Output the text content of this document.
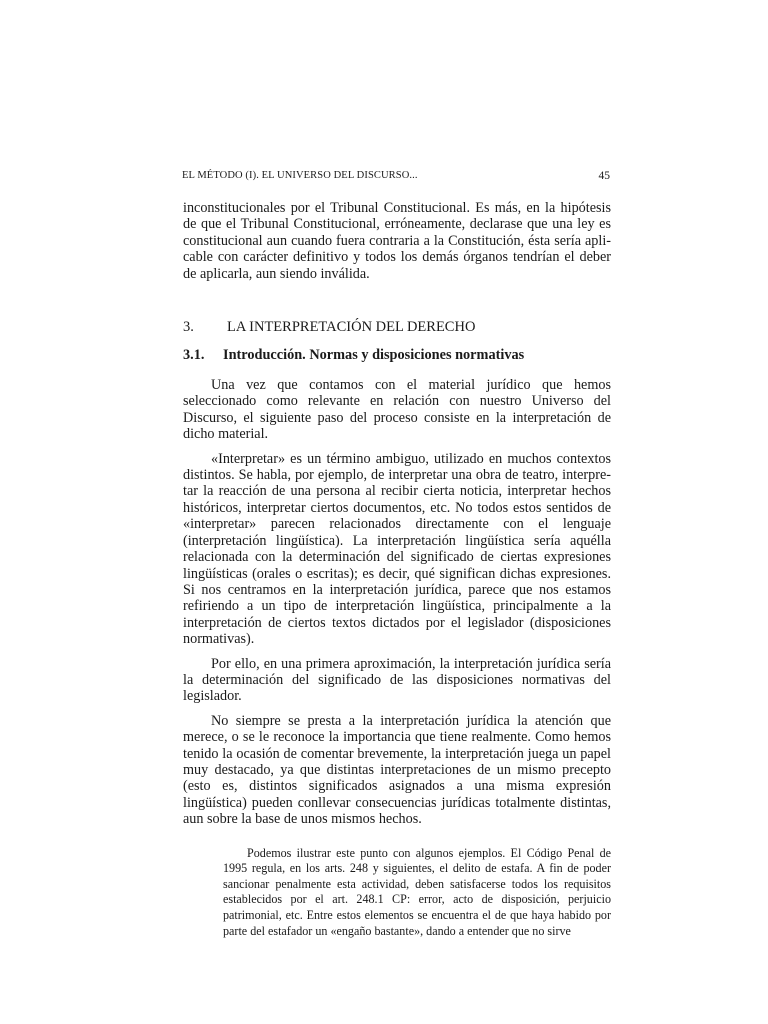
EL MÉTODO (I). EL UNIVERSO DEL DISCURSO...	45

inconstitucionales por el Tribunal Constitucional. Es más, en la hipótesis de que el Tribunal Constitucional, erróneamente, declarase que una ley es constitucional aun cuando fuera contraria a la Constitución, ésta sería aplicable con carácter definitivo y todos los demás órganos tendrían el deber de aplicarla, aun siendo inválida.

3. LA INTERPRETACIÓN DEL DERECHO
3.1. Introducción. Normas y disposiciones normativas

Una vez que contamos con el material jurídico que hemos seleccionado como relevante en relación con nuestro Universo del Discurso, el siguiente paso del proceso consiste en la interpretación de dicho material.

«Interpretar» es un término ambiguo, utilizado en muchos contextos distintos. Se habla, por ejemplo, de interpretar una obra de teatro, interpretar la reacción de una persona al recibir cierta noticia, interpretar hechos históricos, interpretar ciertos documentos, etc. No todos estos sentidos de «interpretar» parecen relacionados directamente con el lenguaje (interpretación lingüística). La interpretación lingüística sería aquélla relacionada con la determinación del significado de ciertas expresiones lingüísticas (orales o escritas); es decir, qué significan dichas expresiones. Si nos centramos en la interpretación jurídica, parece que nos estamos refiriendo a un tipo de interpretación lingüística, principalmente a la interpretación de ciertos textos dictados por el legislador (disposiciones normativas).

Por ello, en una primera aproximación, la interpretación jurídica sería la determinación del significado de las disposiciones normativas del legislador.

No siempre se presta a la interpretación jurídica la atención que merece, o se le reconoce la importancia que tiene realmente. Como hemos tenido la ocasión de comentar brevemente, la interpretación juega un papel muy destacado, ya que distintas interpretaciones de un mismo precepto (esto es, distintos significados asignados a una misma expresión lingüística) pueden conllevar consecuencias jurídicas totalmente distintas, aun sobre la base de unos mismos hechos.

Podemos ilustrar este punto con algunos ejemplos. El Código Penal de 1995 regula, en los arts. 248 y siguientes, el delito de estafa. A fin de poder sancionar penalmente esta actividad, deben satisfacerse todos los requisitos establecidos por el art. 248.1 CP: error, acto de disposición, perjuicio patrimonial, etc. Entre estos elementos se encuentra el de que haya habido por parte del estafador un «engaño bastante», dando a entender que no sirve
